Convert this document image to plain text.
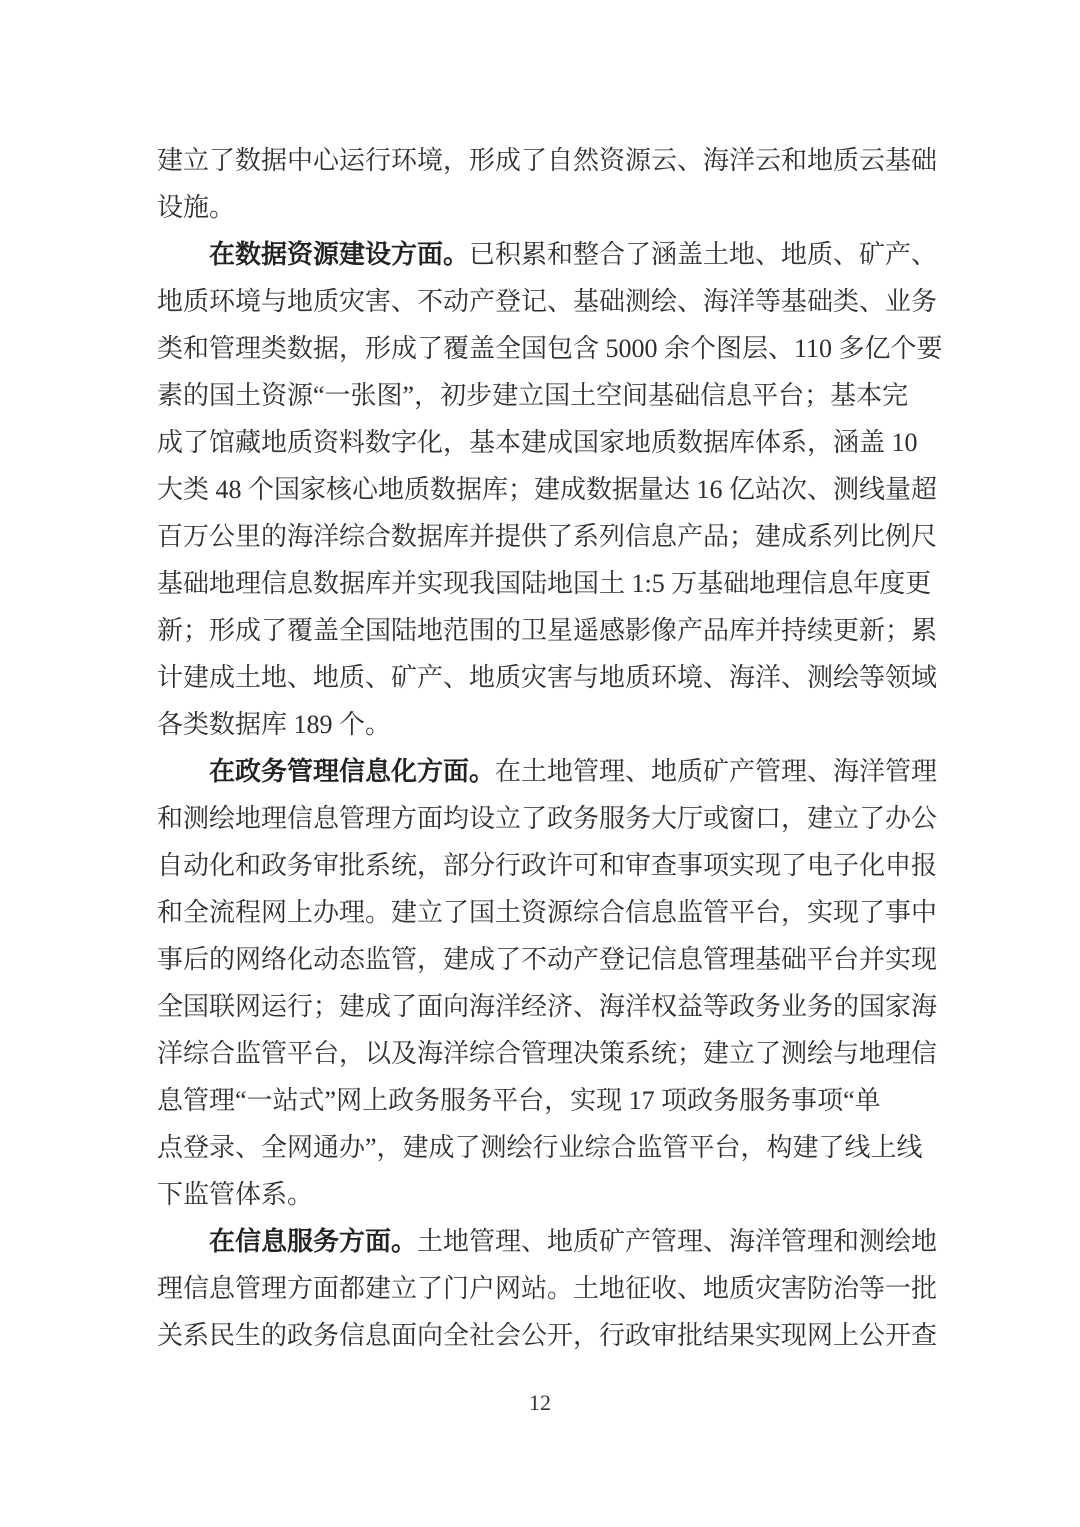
建立了数据中心运行环境，形成了自然资源云、海洋云和地质云基础
设施。
在数据资源建设方面。已积累和整合了涵盖土地、地质、矿产、
地质环境与地质灾害、不动产登记、基础测绘、海洋等基础类、业务
类和管理类数据，形成了覆盖全国包含 5000 余个图层、110 多亿个要
素的国土资源“一张图”，初步建立国土空间基础信息平台；基本完
成了馆藏地质资料数字化，基本建成国家地质数据库体系，涵盖 10
大类 48 个国家核心地质数据库；建成数据量达 16 亿站次、测线量超
百万公里的海洋综合数据库并提供了系列信息产品；建成系列比例尺
基础地理信息数据库并实现我国陆地国土 1:5 万基础地理信息年度更
新；形成了覆盖全国陆地范围的卫星遥感影像产品库并持续更新；累
计建成土地、地质、矿产、地质灾害与地质环境、海洋、测绘等领域
各类数据库 189 个。
在政务管理信息化方面。在土地管理、地质矿产管理、海洋管理
和测绘地理信息管理方面均设立了政务服务大厅或窗口，建立了办公
自动化和政务审批系统，部分行政许可和审查事项实现了电子化申报
和全流程网上办理。建立了国土资源综合信息监管平台，实现了事中
事后的网络化动态监管，建成了不动产登记信息管理基础平台并实现
全国联网运行；建成了面向海洋经济、海洋权益等政务业务的国家海
洋综合监管平台，以及海洋综合管理决策系统；建立了测绘与地理信
息管理“一站式”网上政务服务平台，实现 17 项政务服务事项“单
点登录、全网通办”，建成了测绘行业综合监管平台，构建了线上线
下监管体系。
在信息服务方面。土地管理、地质矿产管理、海洋管理和测绘地
理信息管理方面都建立了门户网站。土地征收、地质灾害防治等一批
关系民生的政务信息面向全社会公开，行政审批结果实现网上公开查
12
